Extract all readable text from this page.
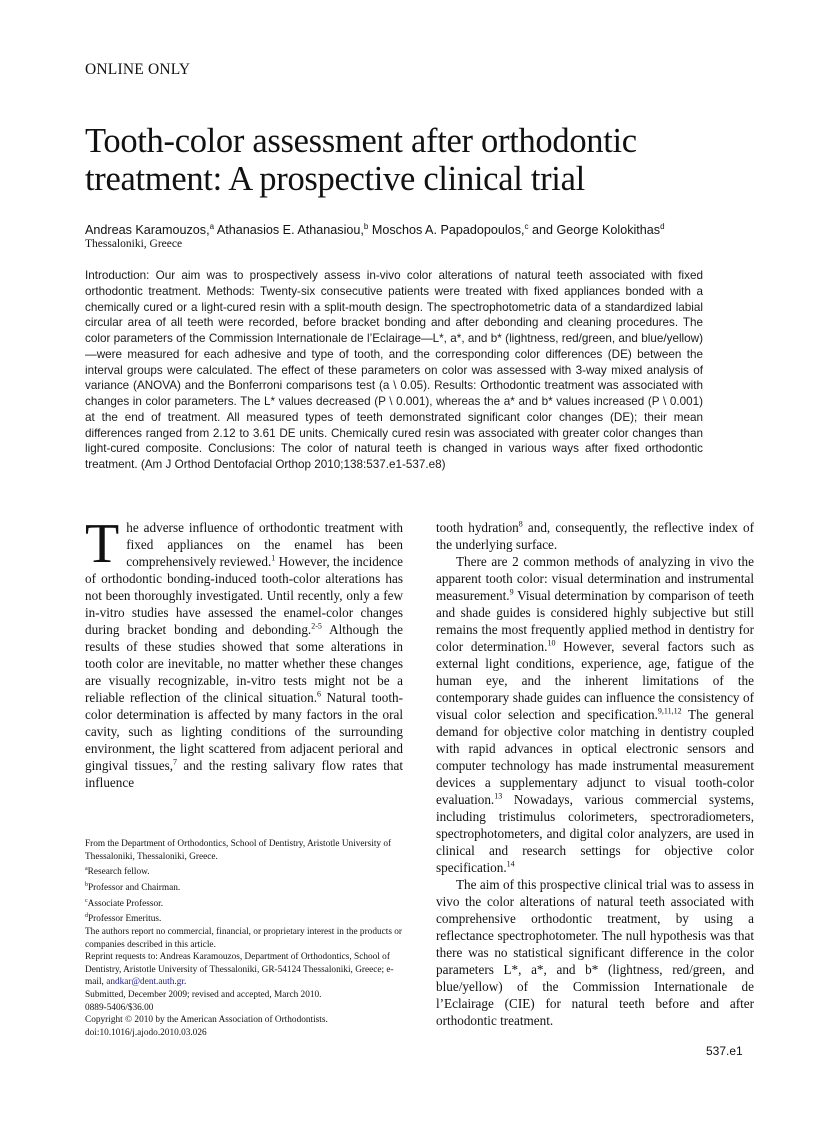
ONLINE ONLY
Tooth-color assessment after orthodontic treatment: A prospective clinical trial
Andreas Karamouzos,$^a$ Athanasios E. Athanasiou,$^b$ Moschos A. Papadopoulos,$^c$ and George Kolokithas$^d$
Thessaloniki, Greece

Introduction: Our aim was to prospectively assess in-vivo color alterations of natural teeth associated with fixed orthodontic treatment. Methods: Twenty-six consecutive patients were treated with fixed appliances bonded with a chemically cured or a light-cured resin with a split-mouth design. The spectrophotometric data of a standardized labial circular area of all teeth were recorded, before bracket bonding and after debonding and cleaning procedures. The color parameters of the Commission Internationale de l’Eclairage—L*, a*, and b* (lightness, red/green, and blue/yellow)—were measured for each adhesive and type of tooth, and the corresponding color differences (DE) between the interval groups were calculated. The effect of these parameters on color was assessed with 3-way mixed analysis of variance (ANOVA) and the Bonferroni comparisons test (a \ 0.05). Results: Orthodontic treatment was associated with changes in color parameters. The L* values decreased (P \ 0.001), whereas the a* and b* values increased (P \ 0.001) at the end of treatment. All measured types of teeth demonstrated significant color changes (DE); their mean differences ranged from 2.12 to 3.61 DE units. Chemically cured resin was associated with greater color changes than light-cured composite. Conclusions: The color of natural teeth is changed in various ways after fixed orthodontic treatment. (Am J Orthod Dentofacial Orthop 2010;138:537.e1-537.e8)

The adverse influence of orthodontic treatment with fixed appliances on the enamel has been comprehensively reviewed.$^1$ However, the incidence of orthodontic bonding-induced tooth-color alterations has not been thoroughly investigated. Until recently, only a few in-vitro studies have assessed the enamel-color changes during bracket bonding and debonding.$^{2-5}$ Although the results of these studies showed that some alterations in tooth color are inevitable, no matter whether these changes are visually recognizable, in-vitro tests might not be a reliable reflection of the clinical situation.$^6$ Natural tooth-color determination is affected by many factors in the oral cavity, such as lighting conditions of the surrounding environment, the light scattered from adjacent perioral and gingival tissues,$^7$ and the resting salivary flow rates that influence

tooth hydration$^8$ and, consequently, the reflective index of the underlying surface.

There are 2 common methods of analyzing in vivo the apparent tooth color: visual determination and instrumental measurement.$^9$ Visual determination by comparison of teeth and shade guides is considered highly subjective but still remains the most frequently applied method in dentistry for color determination.$^{10}$ However, several factors such as external light conditions, experience, age, fatigue of the human eye, and the inherent limitations of the contemporary shade guides can influence the consistency of visual color selection and specification.$^{9,11,12}$ The general demand for objective color matching in dentistry coupled with rapid advances in optical electronic sensors and computer technology has made instrumental measurement devices a supplementary adjunct to visual tooth-color evaluation.$^{13}$ Nowadays, various commercial systems, including tristimulus colorimeters, spectroradiometers, spectrophotometers, and digital color analyzers, are used in clinical and research settings for objective color specification.$^{14}$

The aim of this prospective clinical trial was to assess in vivo the color alterations of natural teeth associated with comprehensive orthodontic treatment, by using a reflectance spectrophotometer. The null hypothesis was that there was no statistical significant difference in the color parameters L*, a*, and b* (lightness, red/green, and blue/yellow) of the Commission Internationale de l’Eclairage (CIE) for natural teeth before and after orthodontic treatment.

From the Department of Orthodontics, School of Dentistry, Aristotle University of Thessaloniki, Thessaloniki, Greece.
$^a$Research fellow.
$^b$Professor and Chairman.
$^c$Associate Professor.
$^d$Professor Emeritus.
The authors report no commercial, financial, or proprietary interest in the products or companies described in this article.
Reprint requests to: Andreas Karamouzos, Department of Orthodontics, School of Dentistry, Aristotle University of Thessaloniki, GR-54124 Thessaloniki, Greece; e-mail, andkar@dent.auth.gr.
Submitted, December 2009; revised and accepted, March 2010.
0889-5406/$36.00
Copyright © 2010 by the American Association of Orthodontists.
doi:10.1016/j.ajodo.2010.03.026
537.e1
